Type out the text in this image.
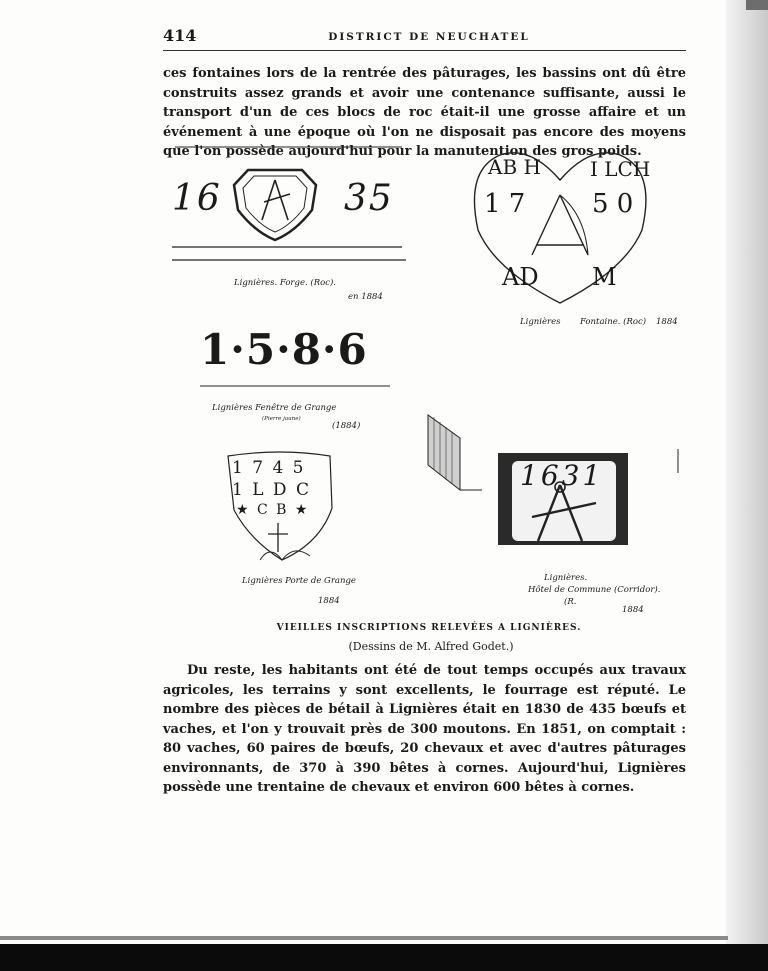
414	DISTRICT DE NEUCHATEL
ces fontaines lors de la rentrée des pâturages, les bassins ont dû être construits assez grands et avoir une contenance suffisante, aussi le transport d'un de ces blocs de roc était-il une grosse affaire et un événement à une époque où l'on ne disposait pas encore des moyens que l'on possède aujourd'hui pour la manutention des gros poids.
16	35
Lignières. Forge. (Roc).
en 1884
AB H I LCH
1 7	5 0
AD M
Lignières Fontaine. (Roc) 1884
1·5·8·6
Lignières Fenêtre de Grange
(Pierre jaune)
(1884)
1 7 4 5
1 L D C
★ C B ★
Lignières Porte de Grange
1884
1631
Lignières.
Hôtel de Commune (Corridor).
(R.
1884
VIEILLES INSCRIPTIONS RELEVÉES A LIGNIÈRES.
(Dessins de M. Alfred Godet.)
Du reste, les habitants ont été de tout temps occupés aux travaux agricoles, les terrains y sont excellents, le fourrage est réputé. Le nombre des pièces de bétail à Lignières était en 1830 de 435 bœufs et vaches, et l'on y trouvait près de 300 moutons. En 1851, on comptait : 80 vaches, 60 paires de bœufs, 20 chevaux et avec d'autres pâturages environnants, de 370 à 390 bêtes à cornes. Aujourd'hui, Lignières possède une trentaine de chevaux et environ 600 bêtes à cornes.
